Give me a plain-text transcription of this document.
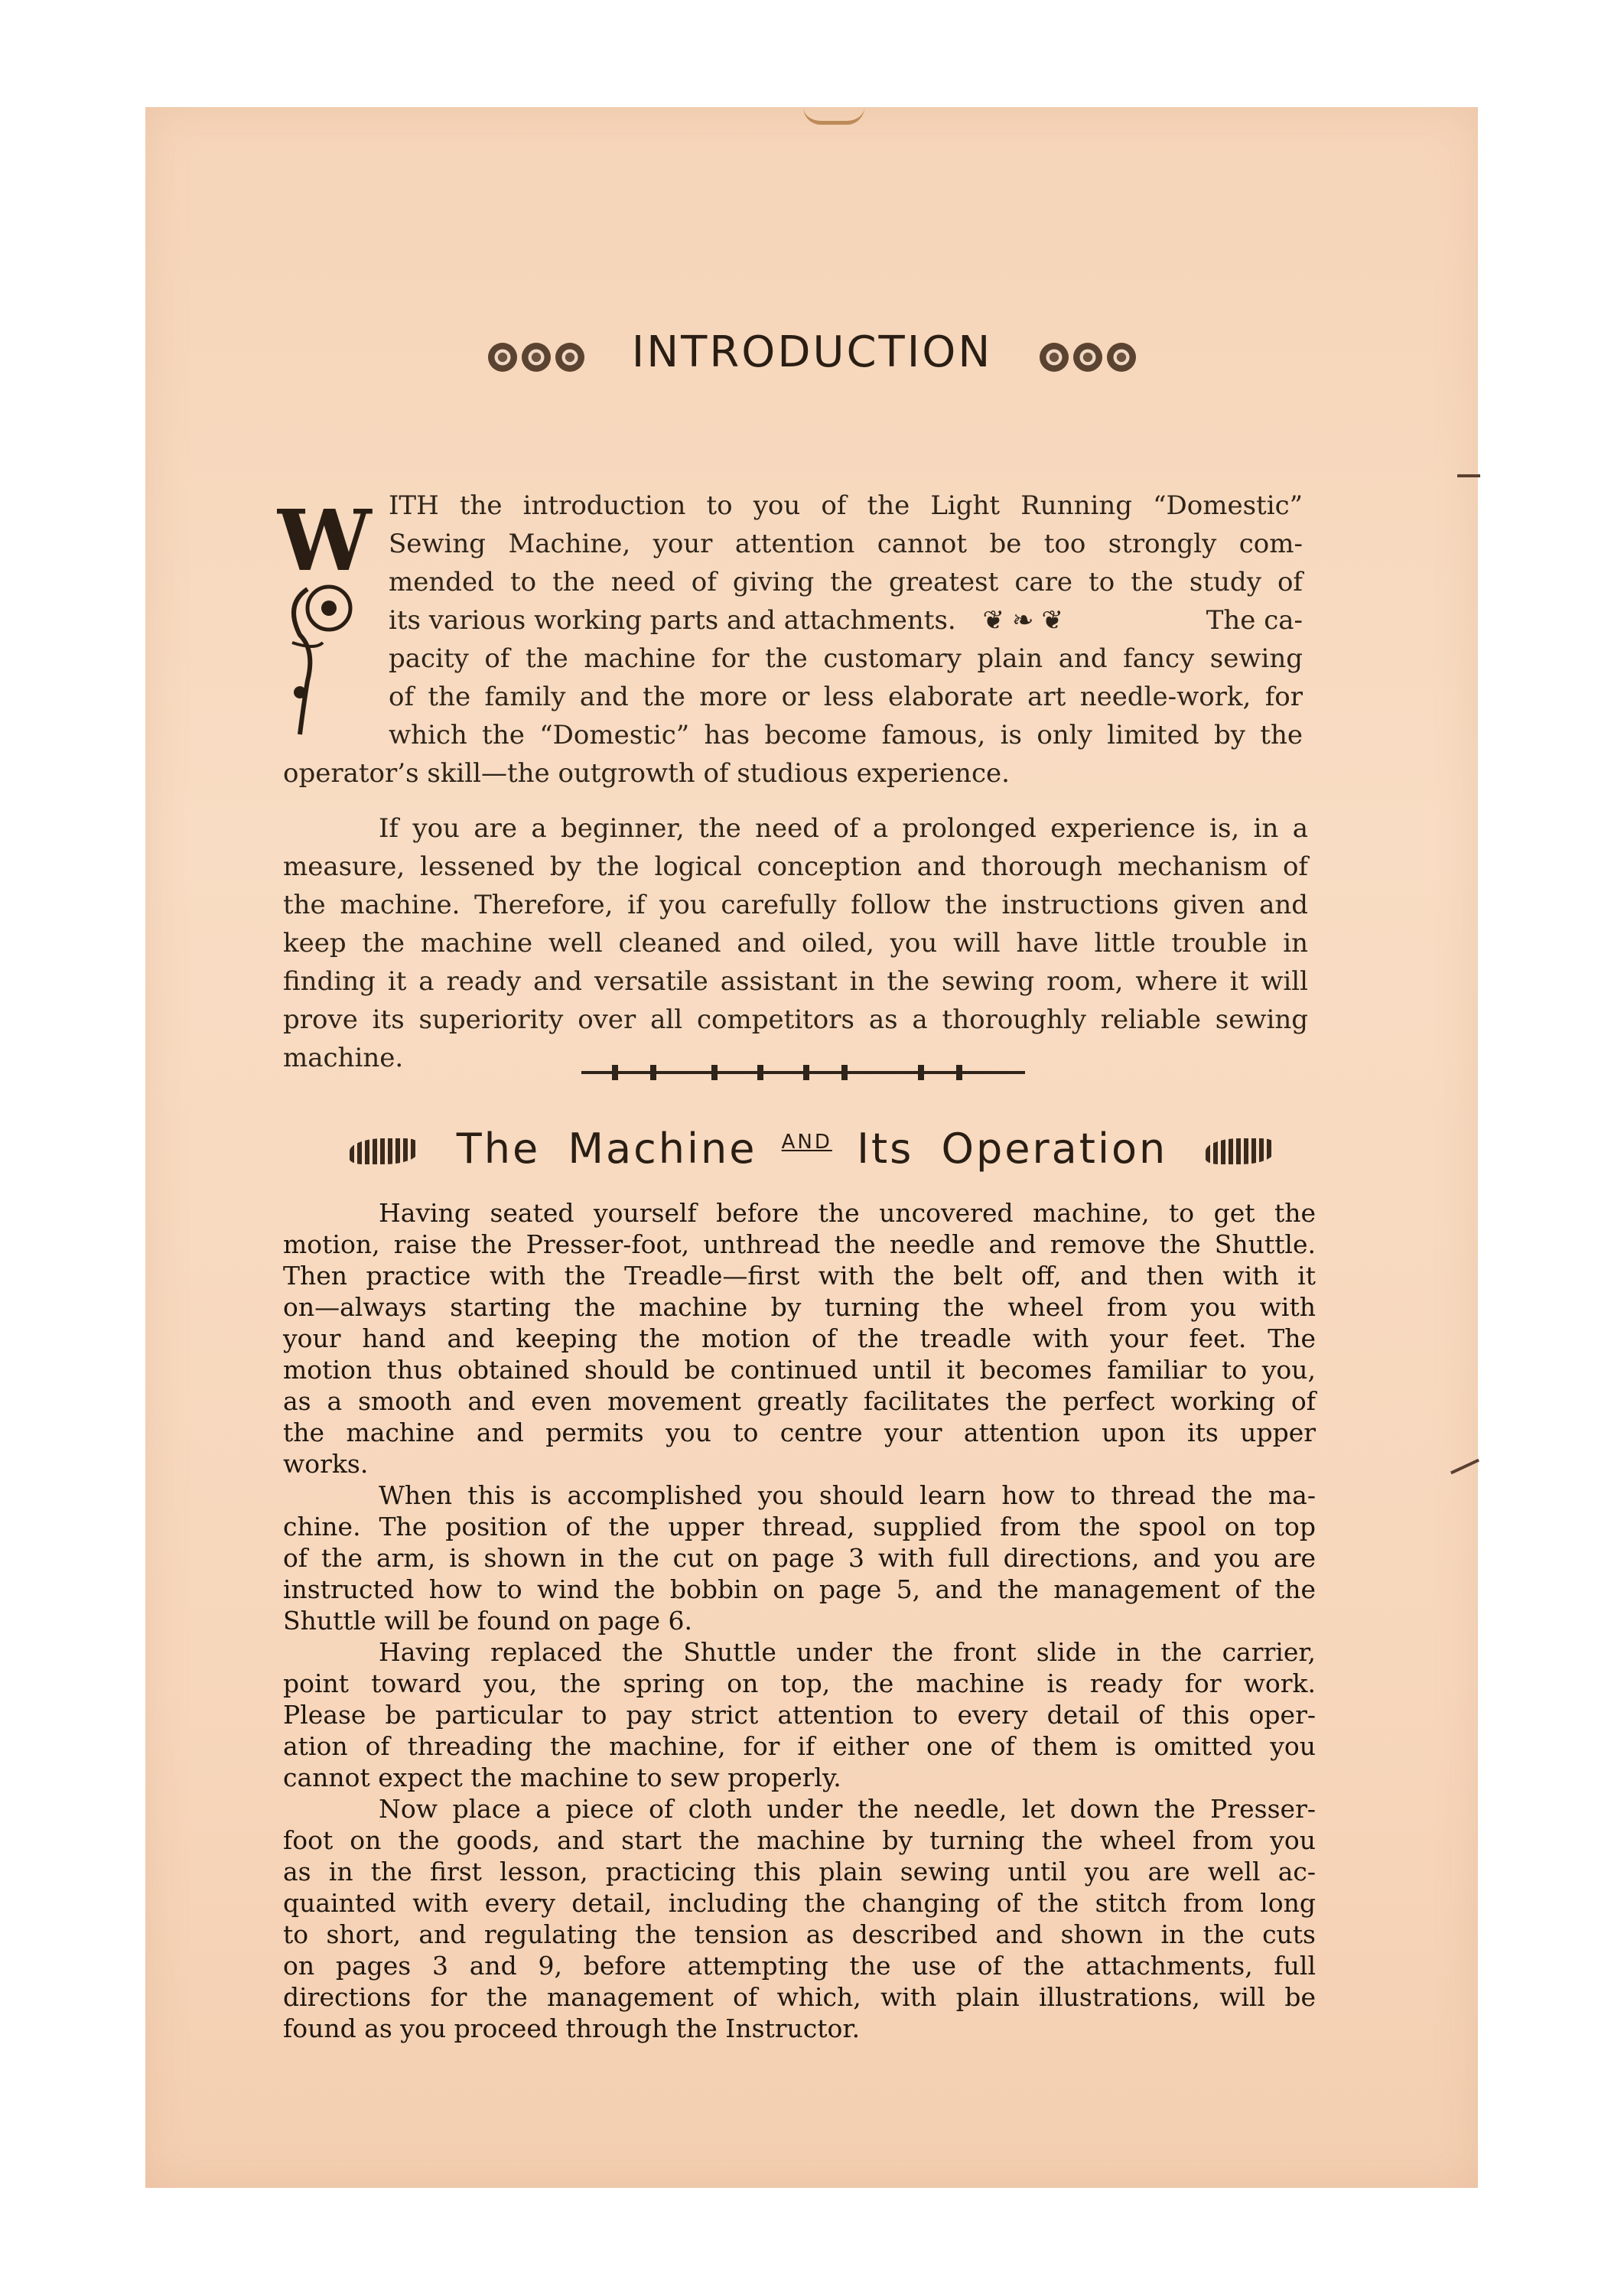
INTRODUCTION
W ITH the introduction to you of the Light Running “Domestic”
Sewing Machine, your attention cannot be too strongly com-
mended to the need of giving the greatest care to the study of
its various working parts and attachments. ❦❧❦	The ca-
pacity of the machine for the customary plain and fancy sewing
of the family and the more or less elaborate art needle-work, for
which the “Domestic” has become famous, is only limited by the
operator’s skill—the outgrowth of studious experience.
If you are a beginner, the need of a prolonged experience is, in a
measure, lessened by the logical conception and thorough mechanism of
the machine. Therefore, if you carefully follow the instructions given and
keep the machine well cleaned and oiled, you will have little trouble in
finding it a ready and versatile assistant in the sewing room, where it will
prove its superiority over all competitors as a thoroughly reliable sewing
machine.
The Machine $^{AND}$ Its Operation
Having seated yourself before the uncovered machine, to get the
motion, raise the Presser-foot, unthread the needle and remove the Shuttle.
Then practice with the Treadle—first with the belt off, and then with it
on—always starting the machine by turning the wheel from you with
your hand and keeping the motion of the treadle with your feet. The
motion thus obtained should be continued until it becomes familiar to you,
as a smooth and even movement greatly facilitates the perfect working of
the machine and permits you to centre your attention upon its upper
works.
When this is accomplished you should learn how to thread the ma-
chine. The position of the upper thread, supplied from the spool on top
of the arm, is shown in the cut on page 3 with full directions, and you are
instructed how to wind the bobbin on page 5, and the management of the
Shuttle will be found on page 6.
Having replaced the Shuttle under the front slide in the carrier,
point toward you, the spring on top, the machine is ready for work.
Please be particular to pay strict attention to every detail of this oper-
ation of threading the machine, for if either one of them is omitted you
cannot expect the machine to sew properly.
Now place a piece of cloth under the needle, let down the Presser-
foot on the goods, and start the machine by turning the wheel from you
as in the first lesson, practicing this plain sewing until you are well ac-
quainted with every detail, including the changing of the stitch from long
to short, and regulating the tension as described and shown in the cuts
on pages 3 and 9, before attempting the use of the attachments, full
directions for the management of which, with plain illustrations, will be
found as you proceed through the Instructor.
